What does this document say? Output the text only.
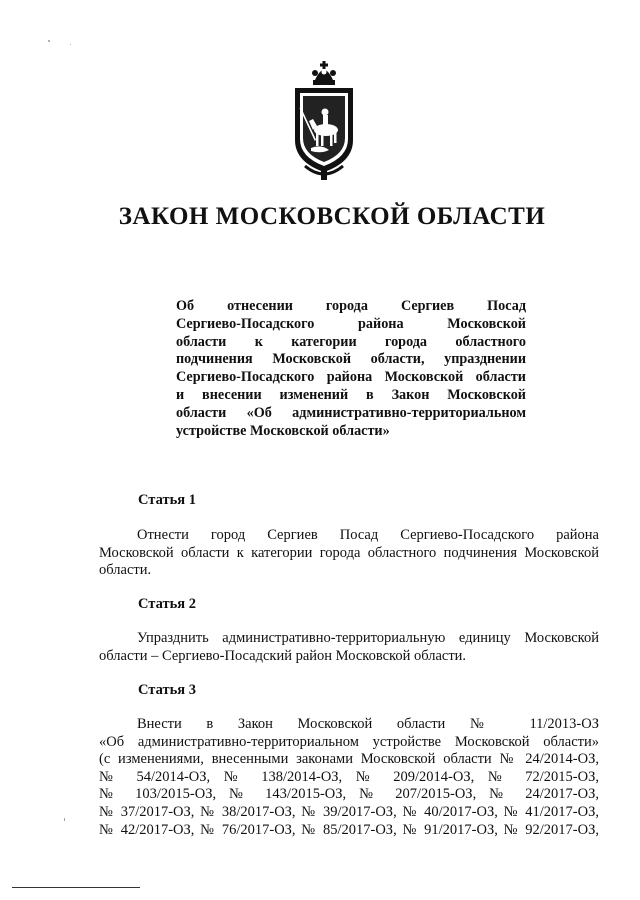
ЗАКОН МОСКОВСКОЙ ОБЛАСТИ
Об отнесении города Сергиев Посад
Сергиево-Посадского района Московской
области к категории города областного
подчинения Московской области, упразднении
Сергиево-Посадского района Московской области
и внесении изменений в Закон Московской
области «Об административно-территориальном
устройстве Московской области»
Статья 1
Отнести город Сергиев Посад Сергиево-Посадского района
Московской области к категории города областного подчинения Московской
области.
Статья 2
Упразднить административно-территориальную единицу Московской
области – Сергиево-Посадский район Московской области.
Статья 3
Внести в Закон Московской области № 11/2013-ОЗ
«Об административно-территориальном устройстве Московской области»
(с изменениями, внесенными законами Московской области № 24/2014-ОЗ,
№ 54/2014-ОЗ, № 138/2014-ОЗ, № 209/2014-ОЗ, № 72/2015-ОЗ,
№ 103/2015-ОЗ, № 143/2015-ОЗ, № 207/2015-ОЗ, № 24/2017-ОЗ,
№ 37/2017-ОЗ, № 38/2017-ОЗ, № 39/2017-ОЗ, № 40/2017-ОЗ, № 41/2017-ОЗ,
№ 42/2017-ОЗ, № 76/2017-ОЗ, № 85/2017-ОЗ, № 91/2017-ОЗ, № 92/2017-ОЗ,
